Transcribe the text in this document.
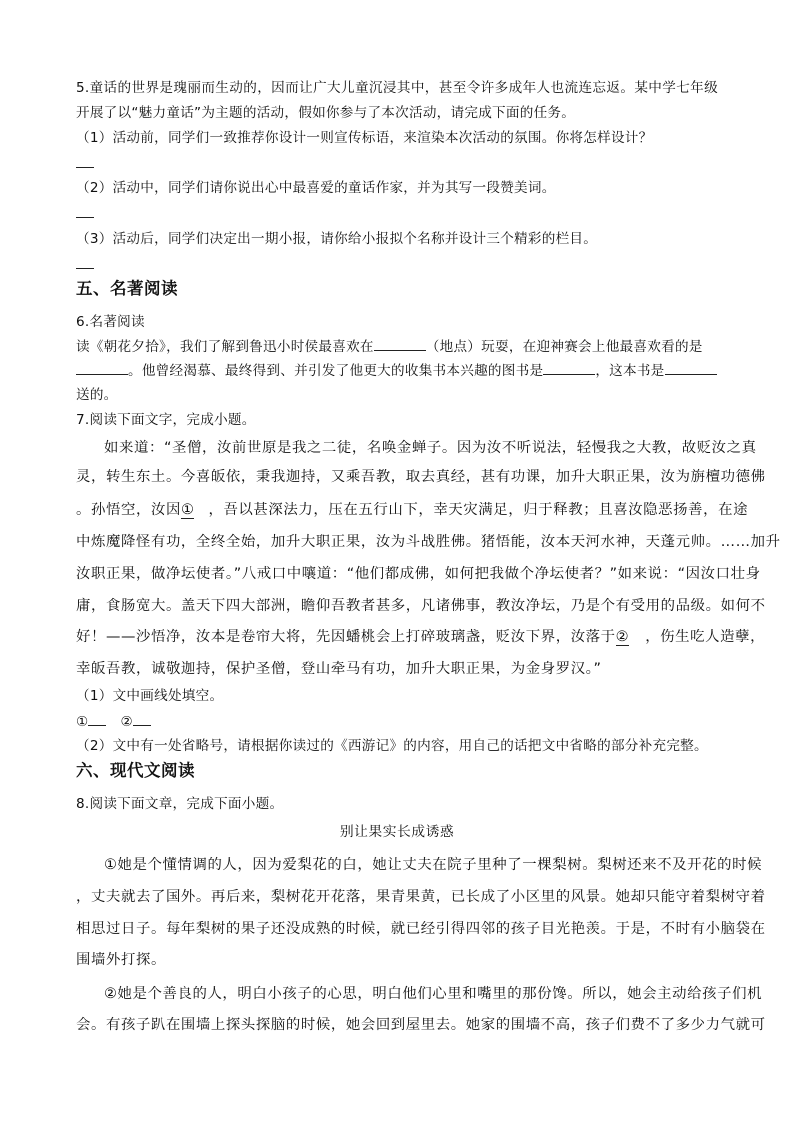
5.童话的世界是瑰丽而生动的，因而让广大儿童沉浸其中，甚至令许多成年人也流连忘返。某中学七年级
开展了以“魅力童话”为主题的活动，假如你参与了本次活动，请完成下面的任务。
（1）活动前，同学们一致推荐你设计一则宣传标语，来渲染本次活动的氛围。你将怎样设计？
（2）活动中，同学们请你说出心中最喜爱的童话作家，并为其写一段赞美词。
（3）活动后，同学们决定出一期小报，请你给小报拟个名称并设计三个精彩的栏目。
五、名著阅读
6.名著阅读
读《朝花夕拾》，我们了解到鲁迅小时侯最喜欢在	（地点）玩耍，在迎神赛会上他最喜欢看的是
。他曾经渴慕、最终得到、并引发了他更大的收集书本兴趣的图书是	，这本书是
送的。
7.阅读下面文字，完成小题。
如来道：“圣僧，汝前世原是我之二徒，名唤金蝉子。因为汝不听说法，轻慢我之大教，故贬汝之真
灵，转生东土。今喜皈依，秉我迦持，又乘吾教，取去真经，甚有功课，加升大职正果，汝为旃檀功德佛
。孙悟空，汝因① ，吾以甚深法力，压在五行山下，幸天灾满足，归于释教；且喜汝隐恶扬善，在途
中炼魔降怪有功，全终全始，加升大职正果，汝为斗战胜佛。猪悟能，汝本天河水神，天蓬元帅。……加升
汝职正果，做净坛使者。”八戒口中嚷道：“他们都成佛，如何把我做个净坛使者？”如来说：“因汝口壮身
庸，食肠宽大。盖天下四大部洲，瞻仰吾教者甚多，凡诸佛事，教汝净坛，乃是个有受用的品级。如何不
好！——沙悟净，汝本是卷帘大将，先因蟠桃会上打碎玻璃盏，贬汝下界，汝落于② ，伤生吃人造孽，
幸皈吾教，诚敬迦持，保护圣僧，登山牵马有功，加升大职正果，为金身罗汉。”
（1）文中画线处填空。
① ②
（2）文中有一处省略号，请根据你读过的《西游记》的内容，用自己的话把文中省略的部分补充完整。
六、现代文阅读
8.阅读下面文章，完成下面小题。
别让果实长成诱惑
①她是个懂情调的人，因为爱梨花的白，她让丈夫在院子里种了一棵梨树。梨树还来不及开花的时候
，丈夫就去了国外。再后来，梨树花开花落，果青果黄，已长成了小区里的风景。她却只能守着梨树守着
相思过日子。每年梨树的果子还没成熟的时候，就已经引得四邻的孩子目光艳羡。于是，不时有小脑袋在
围墙外打探。
②她是个善良的人，明白小孩子的心思，明白他们心里和嘴里的那份馋。所以，她会主动给孩子们机
会。有孩子趴在围墙上探头探脑的时候，她会回到屋里去。她家的围墙不高，孩子们费不了多少力气就可
